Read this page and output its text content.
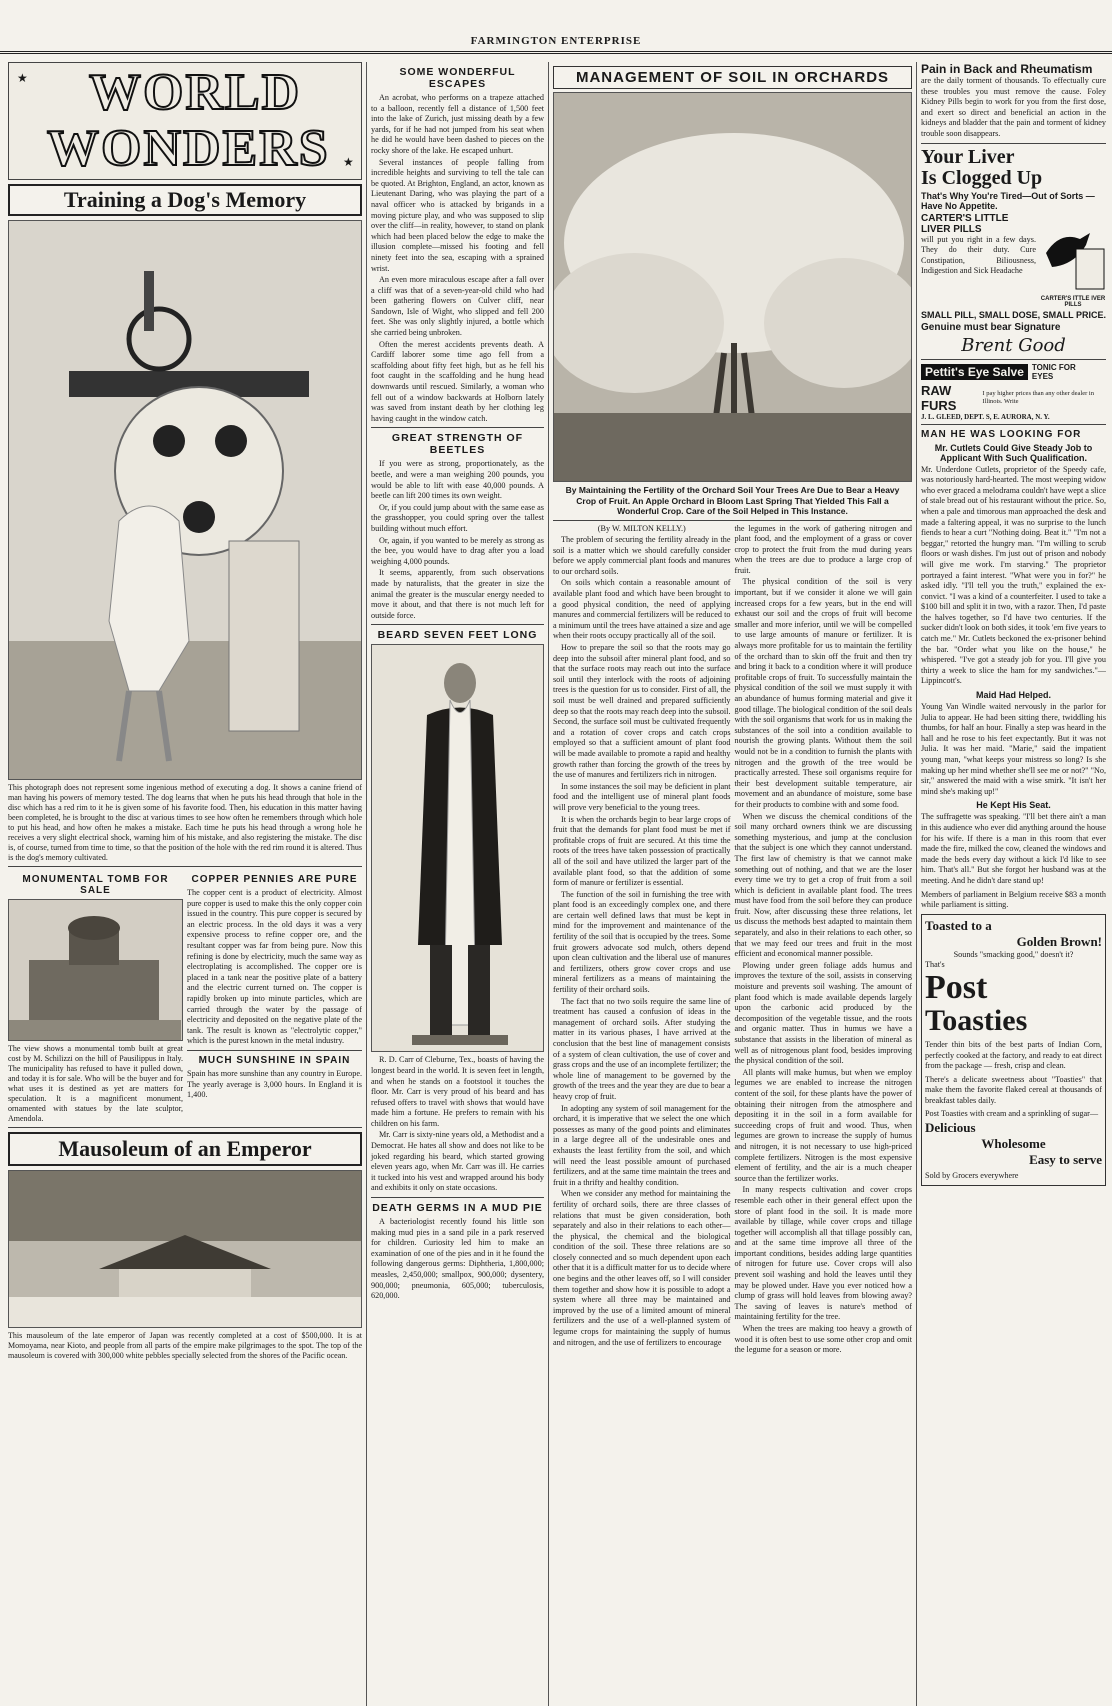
FARMINGTON ENTERPRISE
★ WORLD
WONDERS ★
Training a Dog's Memory
This photograph does not represent some ingenious method of executing a dog. It shows a canine friend of man having his powers of memory tested. The dog learns that when he puts his head through that hole in the disc which has a red rim to it he is given some of his favorite food. Then, his education in this matter having been completed, he is brought to the disc at various times to see how often he remembers through which hole to put his head, and how often he makes a mistake. Each time he puts his head through a wrong hole he receives a very slight electrical shock, warning him of his mistake, and also registering the mistake. The disc is, of course, turned from time to time, so that the position of the hole with the red rim round it is altered. Thus is the dog's memory cultivated.
MONUMENTAL TOMB FOR SALE
The view shows a monumental tomb built at great cost by M. Schilizzi on the hill of Pausilippus in Italy. The municipality has refused to have it pulled down, and today it is for sale. Who will be the buyer and for what uses it is destined as yet are matters for speculation. It is a magnificent monument, ornamented with statues by the late sculptor, Amendola.
COPPER PENNIES ARE PURE
The copper cent is a product of electricity. Almost pure copper is used to make this the only copper coin issued in the country. This pure copper is secured by an electric process. In the old days it was a very expensive process to refine copper ore, and the resultant copper was far from being pure. Now this refining is done by electricity, much the same way as electroplating is accomplished. The copper ore is placed in a tank near the positive plate of a battery and the electric current turned on. The copper is rapidly broken up into minute particles, which are carried through the water by the passage of electricity and deposited on the negative plate of the tank. The result is known as "electrolytic copper," which is the purest known in the metal industry.
MUCH SUNSHINE IN SPAIN
Spain has more sunshine than any country in Europe. The yearly average is 3,000 hours. In England it is 1,400.
Mausoleum of an Emperor
This mausoleum of the late emperor of Japan was recently completed at a cost of $500,000. It is at Momoyama, near Kioto, and people from all parts of the empire make pilgrimages to the spot. The top of the mausoleum is covered with 300,000 white pebbles specially selected from the shores of the Pacific ocean.
SOME WONDERFUL ESCAPES

An acrobat, who performs on a trapeze attached to a balloon, recently fell a distance of 1,500 feet into the lake of Zurich, just missing death by a few yards, for if he had not jumped from his seat when he did he would have been dashed to pieces on the rocky shore of the lake. He escaped unhurt.

Several instances of people falling from incredible heights and surviving to tell the tale can be quoted. At Brighton, England, an actor, known as Lieutenant Daring, who was playing the part of a naval officer who is attacked by brigands in a moving picture play, and who was supposed to slip over the cliff—in reality, however, to stand on plank which had been placed below the edge to make the illusion complete—missed his footing and fell ninety feet into the sea, escaping with a sprained wrist.

An even more miraculous escape after a fall over a cliff was that of a seven-year-old child who had been gathering flowers on Culver cliff, near Sandown, Isle of Wight, who slipped and fell 200 feet. She was only slightly injured, a bottle which she carried being unbroken.

Often the merest accidents prevents death. A Cardiff laborer some time ago fell from a scaffolding about fifty feet high, but as he fell his foot caught in the scaffolding and he hung head downwards until rescued. Similarly, a woman who fell out of a window backwards at Holborn lately was saved from instant death by her clothing leg having caught in the window catch.

GREAT STRENGTH OF BEETLES

If you were as strong, proportionately, as the beetle, and were a man weighing 200 pounds, you would be able to lift with ease 40,000 pounds. A beetle can lift 200 times its own weight.

Or, if you could jump about with the same ease as the grasshopper, you could spring over the tallest building without much effort.

Or, again, if you wanted to be merely as strong as the bee, you would have to drag after you a load weighing 4,000 pounds.

It seems, apparently, from such observations made by naturalists, that the greater in size the animal the greater is the muscular energy needed to move it about, and that there is not much left for outside force.

BEARD SEVEN FEET LONG

R. D. Carr of Cleburne, Tex., boasts of having the longest beard in the world. It is seven feet in length, and when he stands on a footstool it touches the floor. Mr. Carr is very proud of his beard and has refused offers to travel with shows that would have made him a fortune. He prefers to remain with his children on his farm.

Mr. Carr is sixty-nine years old, a Methodist and a Democrat. He hates all show and does not like to be joked regarding his beard, which started growing eleven years ago, when Mr. Carr was ill. He carries it tucked into his vest and wrapped around his body and exhibits it only on state occasions.

DEATH GERMS IN A MUD PIE

A bacteriologist recently found his little son making mud pies in a sand pile in a park reserved for children. Curiosity led him to make an examination of one of the pies and in it he found the following dangerous germs: Diphtheria, 1,800,000; measles, 2,450,000; smallpox, 900,000; dysentery, 900,000; pneumonia, 605,000; tuberculosis, 620,000.

MANAGEMENT OF SOIL IN ORCHARDS
By Maintaining the Fertility of the Orchard Soil Your Trees Are Due to Bear a Heavy Crop of Fruit. An Apple Orchard in Bloom Last Spring That Yielded This Fall a Wonderful Crop. Care of the Soil Helped in This Instance.

(By W. MILTON KELLY.)

The problem of securing the fertility already in the soil is a matter which we should carefully consider before we apply commercial plant foods and manures to our orchard soils.

On soils which contain a reasonable amount of available plant food and which have been brought to a good physical condition, the need of applying manures and commercial fertilizers will be reduced to a minimum until the trees have attained a size and age when their roots occupy practically all of the soil.

How to prepare the soil so that the roots may go deep into the subsoil after mineral plant food, and so that the surface roots may reach out into the surface soil until they interlock with the roots of adjoining trees is the question for us to consider. First of all, the soil must be well drained and prepared sufficiently deep so that the roots may reach deep into the subsoil. Second, the surface soil must be cultivated frequently and a rotation of cover crops and catch crops employed so that a sufficient amount of plant food will be made available to promote a rapid and healthy growth rather than forcing the growth of the trees by the use of manures and fertilizers rich in nitrogen.

In some instances the soil may be deficient in plant food and the intelligent use of mineral plant foods will prove very beneficial to the young trees.

It is when the orchards begin to bear large crops of fruit that the demands for plant food must be met if profitable crops of fruit are secured. At this time the roots of the trees have taken possession of practically all of the soil and have utilized the larger part of the available plant food, so that the addition of some form of manure or fertilizer is essential.

The function of the soil in furnishing the tree with plant food is an exceedingly complex one, and there are certain well defined laws that must be kept in mind for the improvement and maintenance of the fertility of the soil that is occupied by the trees. Some fruit growers advocate sod mulch, others depend upon clean cultivation and the liberal use of manures and fertilizers, others grow cover crops and use mineral fertilizers as a means of maintaining the fertility of their orchard soils.

The fact that no two soils require the same line of treatment has caused a confusion of ideas in the management of orchard soils. After studying the matter in its various phases, I have arrived at the conclusion that the best line of management consists of a system of clean cultivation, the use of cover and grass crops and the use of an incomplete fertilizer; the whole line of management to be governed by the growth of the trees and the year they are due to bear a heavy crop of fruit.

In adopting any system of soil management for the orchard, it is imperative that we select the one which possesses as many of the good points and eliminates in a large degree all of the undesirable ones and exhausts the least fertility from the soil, and which will need the least possible amount of purchased fertilizers, and at the same time maintain the trees and fruit in a thrifty and healthy condition.

When we consider any method for maintaining the fertility of orchard soils, there are three classes of relations that must be given consideration, both separately and also in their relations to each other—the physical, the chemical and the biological condition of the soil. These three relations are so closely connected and so much dependent upon each other that it is a difficult matter for us to decide where one begins and the other leaves off, so I will consider them together and show how it is possible to adopt a system where all three may be maintained and improved by the use of a limited amount of mineral fertilizers and the use of a well-planned system of legume crops for maintaining the supply of humus and nitrogen, and the use of fertilizers to encourage

the legumes in the work of gathering nitrogen and plant food, and the employment of a grass or cover crop to protect the fruit from the mud during years when the trees are due to produce a large crop of fruit.

The physical condition of the soil is very important, but if we consider it alone we will gain increased crops for a few years, but in the end will exhaust our soil and the crops of fruit will become smaller and more inferior, until we will be compelled to use large amounts of manure or fertilizer. It is always more profitable for us to maintain the fertility of the orchard than to skin off the fruit and then try and bring it back to a condition where it will produce profitable crops of fruit. To successfully maintain the physical condition of the soil we must supply it with an abundance of humus forming material and give it good tillage. The biological condition of the soil deals with the soil organisms that work for us in making the substances of the soil into a condition available to nourish the growing plants. Without them the soil would not be in a condition to furnish the plants with nitrogen and the growth of the tree would be practically arrested. These soil organisms require for their best development suitable temperature, air movement and an abundance of moisture, some base for their products to combine with and some food.

When we discuss the chemical conditions of the soil many orchard owners think we are discussing something mysterious, and jump at the conclusion that the subject is one which they cannot understand. The first law of chemistry is that we cannot make something out of nothing, and that we are the loser every time we try to get a crop of fruit from a soil which is deficient in available plant food. The trees must have food from the soil before they can produce fruit. Now, after discussing these three relations, let us discuss the methods best adapted to maintain them separately, and also in their relations to each other, so that we may feed our trees and fruit in the most efficient and economical manner possible.

Plowing under green foliage adds humus and improves the texture of the soil, assists in conserving moisture and prevents soil washing. The amount of plant food which is made available depends largely upon the carbonic acid produced by the decomposition of the vegetable tissue, and the roots and organic matter. Thus in humus we have a substance that assists in the liberation of mineral as well as of nitrogenous plant food, besides improving the physical condition of the soil.

All plants will make humus, but when we employ legumes we are enabled to increase the nitrogen content of the soil, for these plants have the power of obtaining their nitrogen from the atmosphere and depositing it in the soil in a form available for succeeding crops of fruit and wood. Thus, when legumes are grown to increase the supply of humus and nitrogen, it is not necessary to use high-priced complete fertilizers. Nitrogen is the most expensive element of fertility, and the air is a much cheaper source than the fertilizer works.

In many respects cultivation and cover crops resemble each other in their general effect upon the store of plant food in the soil. It is made more available by tillage, while cover crops and tillage together will accomplish all that tillage possibly can, and at the same time improve all three of the important conditions, besides adding large quantities of nitrogen for future use. Cover crops will also prevent soil washing and hold the leaves until they may be plowed under. Have you ever noticed how a clump of grass will hold leaves from blowing away? The saving of leaves is nature's method of maintaining fertility for the tree.

When the trees are making too heavy a growth of wood it is often best to use some other crop and omit the legume for a season or more.

Pain in Back and Rheumatism
are the daily torment of thousands. To effectually cure these troubles you must remove the cause. Foley Kidney Pills begin to work for you from the first dose, and exert so direct and beneficial an action in the kidneys and bladder that the pain and torment of kidney trouble soon disappears.
Your Liver
Is Clogged Up
That's Why You're Tired—Out of Sorts —Have No Appetite.
CARTER'S LITTLE LIVER PILLS
will put you right in a few days. They do their duty. Cure Constipation, Biliousness, Indigestion and Sick Headache
CARTER'S ITTLE IVER PILLS
SMALL PILL, SMALL DOSE, SMALL PRICE.
Genuine must bear Signature
Brent Good
Pettit's Eye Salve	TONIC FOR EYES
RAW FURS
I pay higher prices than any other dealer in Illinois. Write
J. L. GLEED, DEPT. S, E. AURORA, N. Y.
MAN HE WAS LOOKING FOR
Mr. Cutlets Could Give Steady Job to Applicant With Such Qualification.
Mr. Underdone Cutlets, proprietor of the Speedy cafe, was notoriously hard-hearted. The most weeping widow who ever graced a melodrama couldn't have wept a slice of stale bread out of his restaurant without the price. So, when a pale and timorous man approached the desk and made a faltering appeal, it was no surprise to the lunch fiends to hear a curt "Nothing doing. Beat it." "I'm not a beggar," retorted the hungry man. "I'm willing to scrub floors or wash dishes. I'm just out of prison and nobody will give me work. I'm starving." The proprietor portrayed a faint interest. "What were you in for?" he asked idly. "I'll tell you the truth," explained the ex-convict. "I was a kind of a counterfeiter. I used to take a $100 bill and split it in two, with a razor. Then, I'd paste the halves together, so I'd have two centuries. If the sucker didn't look on both sides, it took 'em five years to catch me." Mr. Cutlets beckoned the ex-prisoner behind the bar. "Order what you like on the house," he whispered. "I've got a steady job for you. I'll give you thirty a week to slice the ham for my sandwiches."—Lippincott's.
Maid Had Helped.
Young Van Windle waited nervously in the parlor for Julia to appear. He had been sitting there, twiddling his thumbs, for half an hour. Finally a step was heard in the hall and he rose to his feet expectantly. But it was not Julia. It was her maid. "Marie," said the impatient young man, "what keeps your mistress so long? Is she making up her mind whether she'll see me or not?" "No, sir," answered the maid with a wise smirk. "It isn't her mind she's making up!"
He Kept His Seat.
The suffragette was speaking. "I'll bet there ain't a man in this audience who ever did anything around the house for his wife. If there is a man in this room that ever made the fire, milked the cow, cleaned the windows and made the beds every day without a kick I'd like to see him. That's all." But she forgot her husband was at the meeting. And he didn't dare stand up!
Members of parliament in Belgium receive $83 a month while parliament is sitting.
Toasted to a
Golden Brown!
Sounds "smacking good," doesn't it?
That's
Post
Toasties
Tender thin bits of the best parts of Indian Corn, perfectly cooked at the factory, and ready to eat direct from the package — fresh, crisp and clean.
There's a delicate sweetness about "Toasties" that make them the favorite flaked cereal at thousands of breakfast tables daily.
Post Toasties with cream and a sprinkling of sugar—
Delicious
Wholesome
Easy to serve
Sold by Grocers everywhere
